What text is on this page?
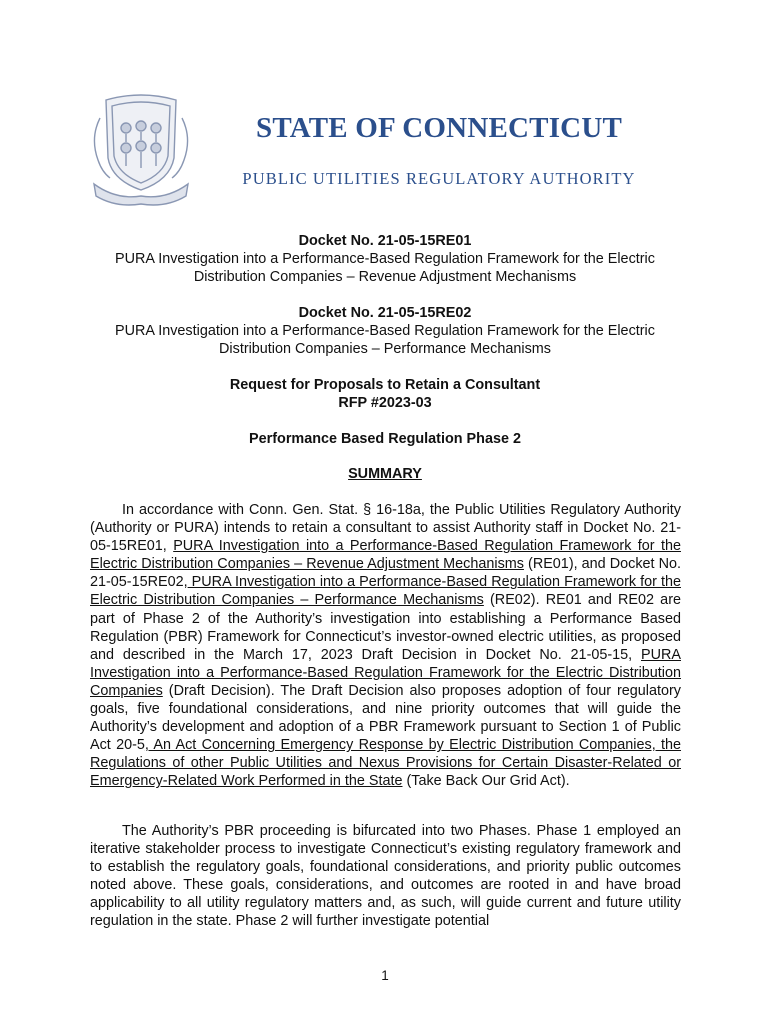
STATE OF CONNECTICUT
PUBLIC UTILITIES REGULATORY AUTHORITY
Docket No. 21-05-15RE01
PURA Investigation into a Performance-Based Regulation Framework for the Electric
Distribution Companies – Revenue Adjustment Mechanisms
Docket No. 21-05-15RE02
PURA Investigation into a Performance-Based Regulation Framework for the Electric
Distribution Companies – Performance Mechanisms
Request for Proposals to Retain a Consultant
RFP #2023-03
Performance Based Regulation Phase 2
SUMMARY

In accordance with Conn. Gen. Stat. § 16-18a, the Public Utilities Regulatory Authority (Authority or PURA) intends to retain a consultant to assist Authority staff in Docket No. 21-05-15RE01, PURA Investigation into a Performance-Based Regulation Framework for the Electric Distribution Companies – Revenue Adjustment Mechanisms (RE01), and Docket No. 21-05-15RE02, PURA Investigation into a Performance-Based Regulation Framework for the Electric Distribution Companies – Performance Mechanisms (RE02). RE01 and RE02 are part of Phase 2 of the Authority’s investigation into establishing a Performance Based Regulation (PBR) Framework for Connecticut’s investor-owned electric utilities, as proposed and described in the March 17, 2023 Draft Decision in Docket No. 21-05-15, PURA Investigation into a Performance-Based Regulation Framework for the Electric Distribution Companies (Draft Decision). The Draft Decision also proposes adoption of four regulatory goals, five foundational considerations, and nine priority outcomes that will guide the Authority’s development and adoption of a PBR Framework pursuant to Section 1 of Public Act 20-5, An Act Concerning Emergency Response by Electric Distribution Companies, the Regulations of other Public Utilities and Nexus Provisions for Certain Disaster-Related or Emergency-Related Work Performed in the State (Take Back Our Grid Act).

The Authority’s PBR proceeding is bifurcated into two Phases. Phase 1 employed an iterative stakeholder process to investigate Connecticut’s existing regulatory framework and to establish the regulatory goals, foundational considerations, and priority public outcomes noted above. These goals, considerations, and outcomes are rooted in and have broad applicability to all utility regulatory matters and, as such, will guide current and future utility regulation in the state. Phase 2 will further investigate potential

1
